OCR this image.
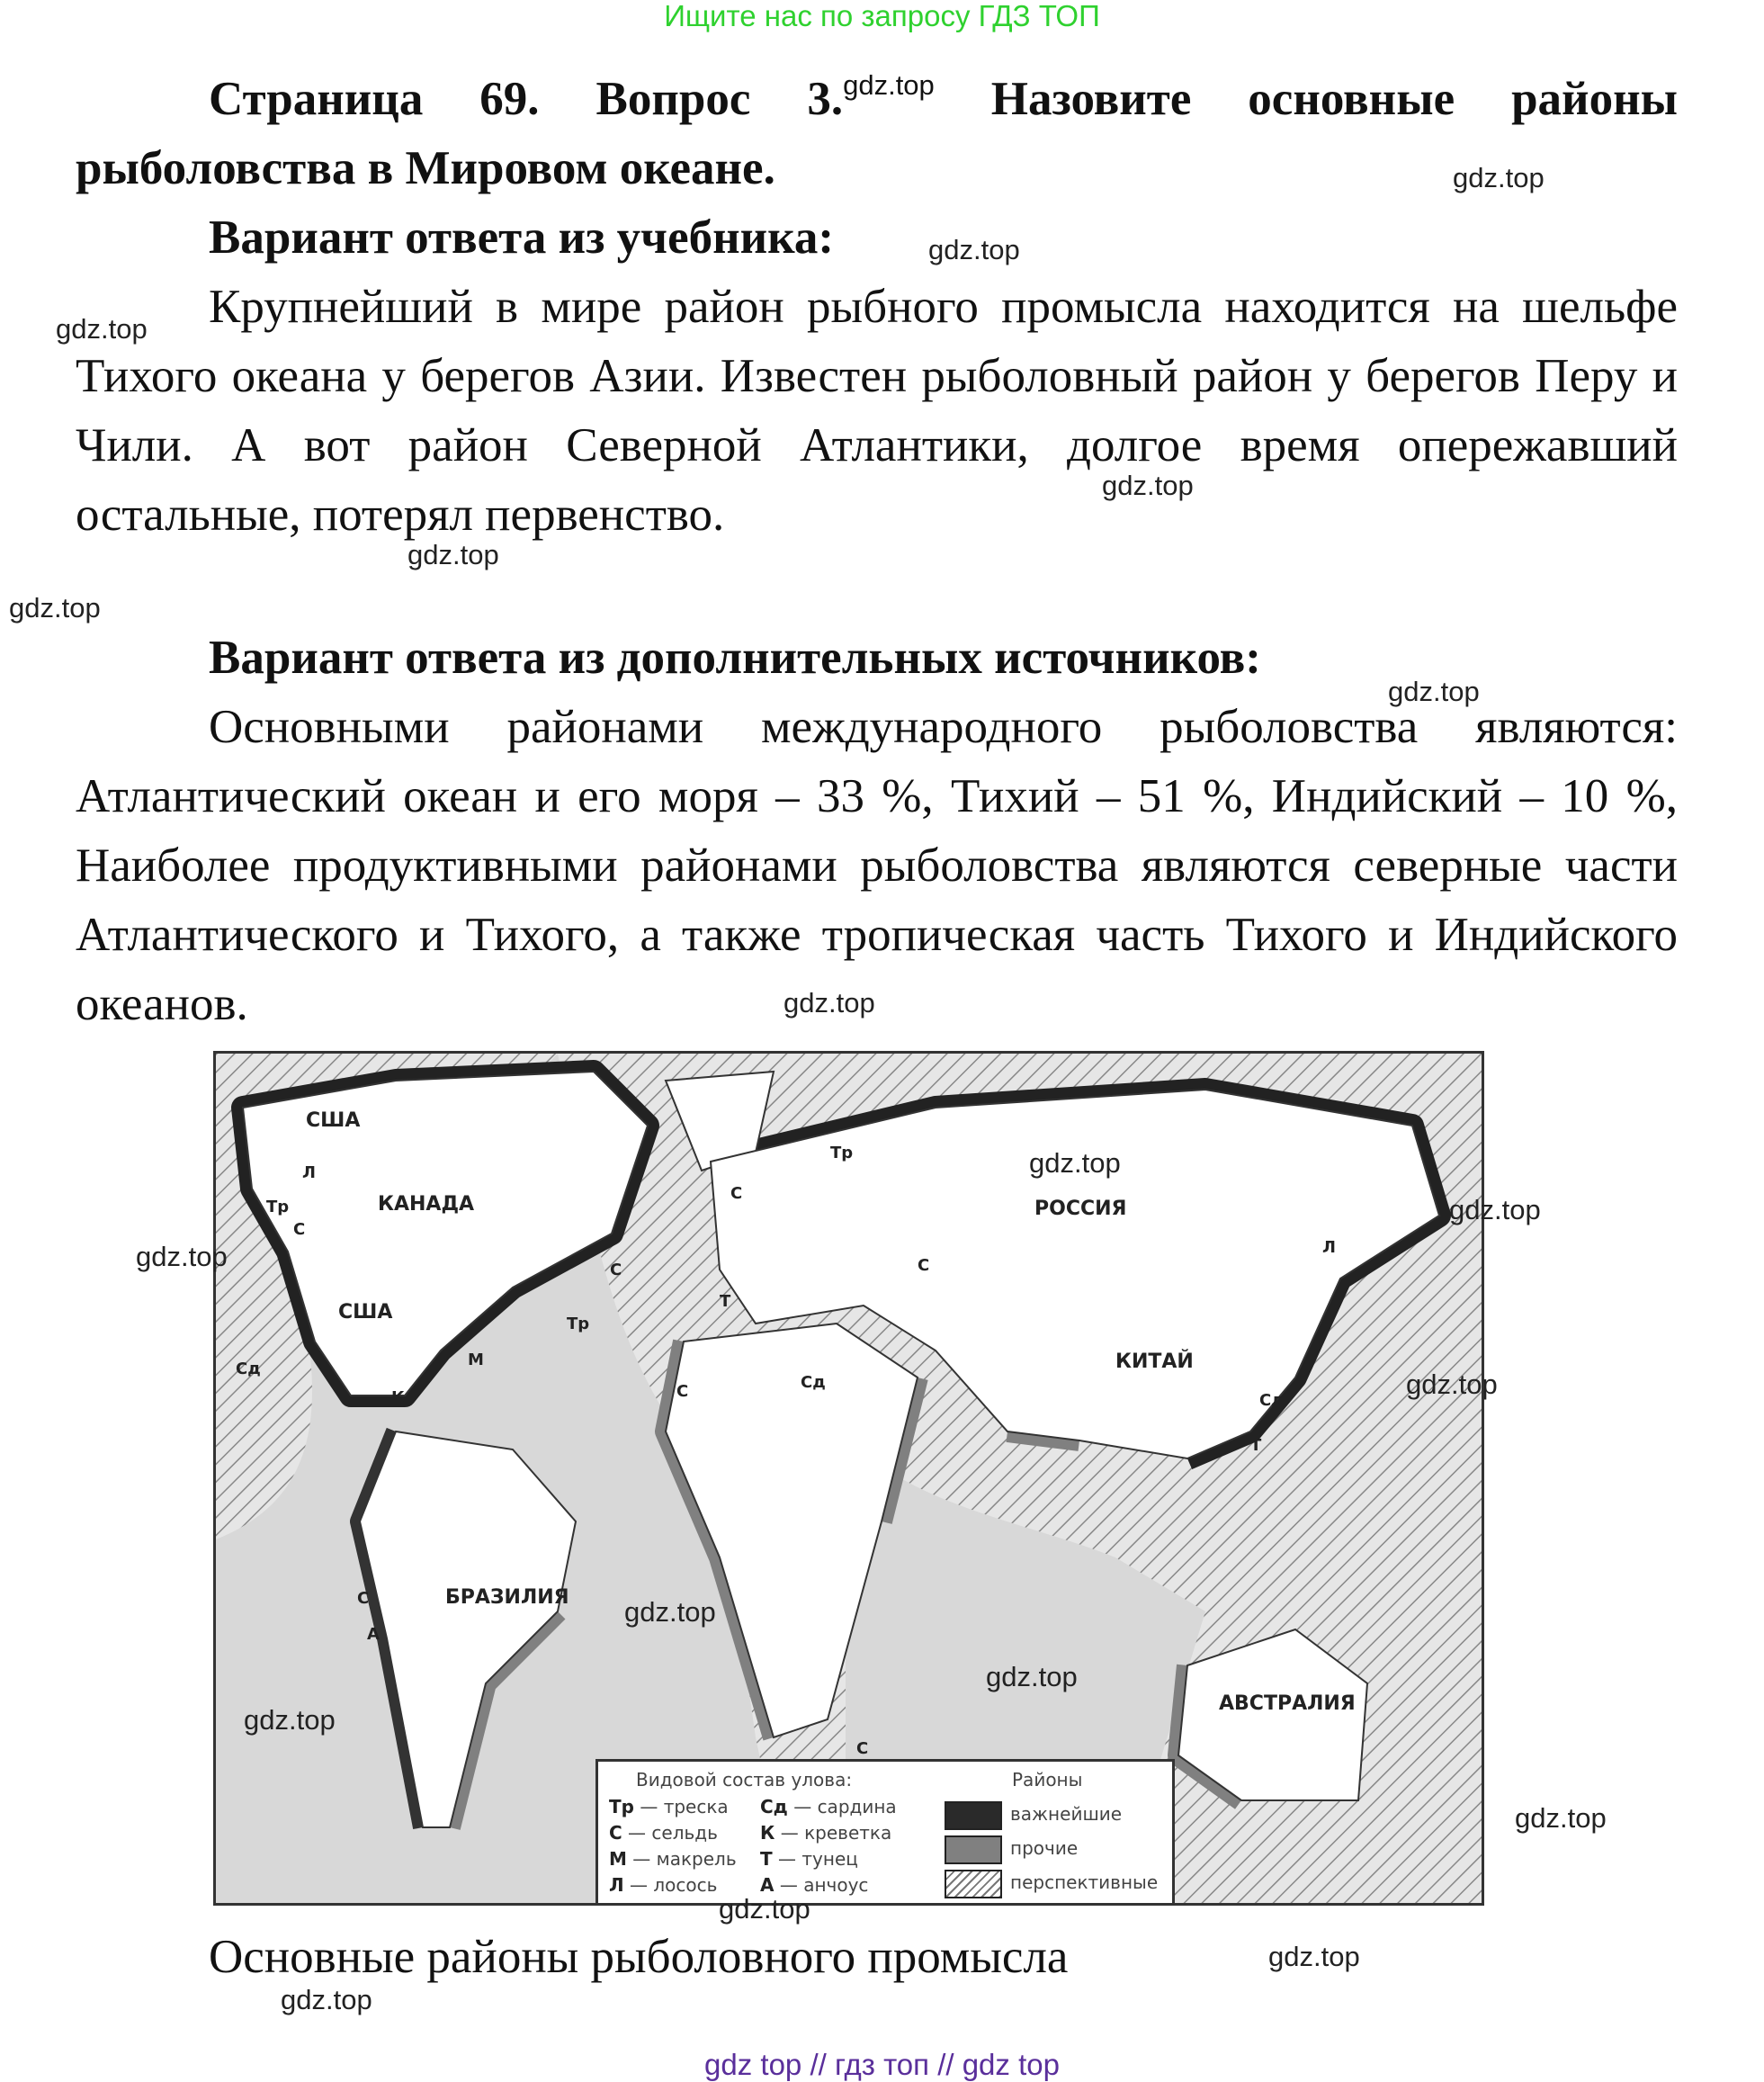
Ищите нас по запросу ГДЗ ТОП

Страница 69. Вопрос 3.$^{gdz.top}$ Назовите основные районы рыболовства в Мировом океане.

Вариант ответа из учебника:

Крупнейший в мире район рыбного промысла находится на шельфе Тихого океана у берегов Азии. Известен рыболовный район у берегов Перу и Чили. А вот район Северной Атлантики, долгое время опережавший остальные, потерял первенство.

Вариант ответа из дополнительных источников:

Основными районами международного рыболовства являются: Атлантический океан и его моря – 33 %, Тихий – 51 %, Индийский – 10 %, Наиболее продуктивными районами рыболовства являются северные части Атлантического и Тихого, а также тропическая часть Тихого и Индийского океанов.

США
КАНАДА
США
РОССИЯ
КИТАЙ
БРАЗИЛИЯ
АВСТРАЛИЯ
Л
Тр
С
С
Сд
К
М
Тр
С
Тр
С
Т
С	Сд
Л
Сд
Т
С
А
С
Видовой состав улова:	Районы
Тр — треска
С — сельдь
М — макрель
Л — лосось
Сд — сардина
К — креветка
Т — тунец
А — анчоус
важнейшие
прочие
перспективные
Основные районы рыболовного промысла
gdz.top
gdz.top
gdz.top
gdz.top
gdz.top
gdz.top
gdz.top
gdz.top
gdz.top
gdz.top
gdz.top
gdz.top
gdz.top
gdz.top
gdz.top
gdz.top
gdz.top
gdz.top
gdz.top
gdz top // гдз топ // gdz top
